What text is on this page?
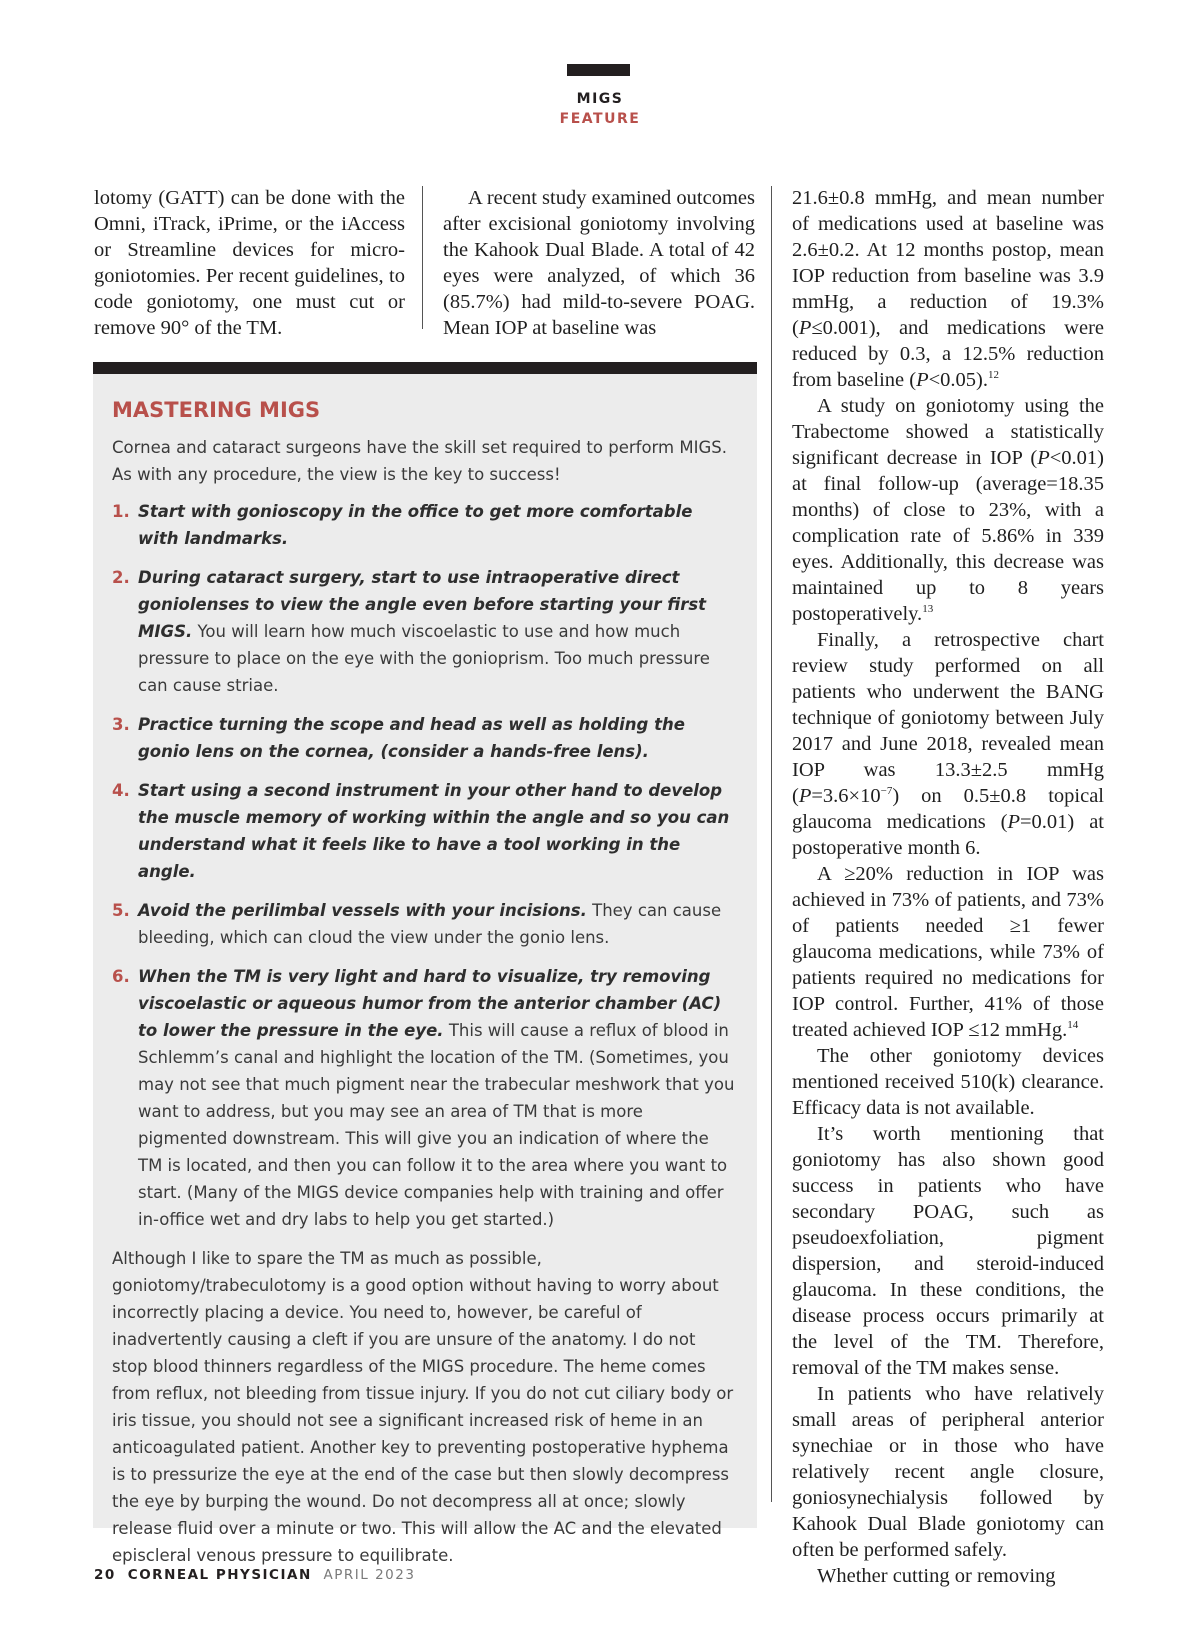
MIGS
FEATURE

lotomy (GATT) can be done with the Omni, iTrack, iPrime, or the iAccess or Streamline devices for micro-goniotomies. Per recent guidelines, to code goniotomy, one must cut or remove 90° of the TM.

A recent study examined outcomes after excisional goniotomy involving the Kahook Dual Blade. A total of 42 eyes were analyzed, of which 36 (85.7%) had mild-to-severe POAG. Mean IOP at baseline was

21.6±0.8 mmHg, and mean number of medications used at baseline was 2.6±0.2. At 12 months postop, mean IOP reduction from baseline was 3.9 mmHg, a reduction of 19.3% (P≤0.001), and medications were reduced by 0.3, a 12.5% reduction from baseline (P<0.05).$^{12}$

A study on goniotomy using the Trabectome showed a statistically significant decrease in IOP (P<0.01) at final follow-up (average=18.35 months) of close to 23%, with a complication rate of 5.86% in 339 eyes. Additionally, this decrease was maintained up to 8 years postoperatively.$^{13}$

Finally, a retrospective chart review study performed on all patients who underwent the BANG technique of goniotomy between July 2017 and June 2018, revealed mean IOP was 13.3±2.5 mmHg $(P=3.6\times 10^{-7})$ on 0.5±0.8 topical glaucoma medications (P=0.01) at postoperative month 6.

A ≥20% reduction in IOP was achieved in 73% of patients, and 73% of patients needed ≥1 fewer glaucoma medications, while 73% of patients required no medications for IOP control. Further, 41% of those treated achieved IOP ≤12 mmHg.$^{14}$

The other goniotomy devices mentioned received 510(k) clearance. Efficacy data is not available.

It’s worth mentioning that goniotomy has also shown good success in patients who have secondary POAG, such as pseudoexfoliation, pigment dispersion, and steroid-induced glaucoma. In these conditions, the disease process occurs primarily at the level of the TM. Therefore, removal of the TM makes sense.

In patients who have relatively small areas of peripheral anterior synechiae or in those who have relatively recent angle closure, goniosynechialysis followed by Kahook Dual Blade goniotomy can often be performed safely.

Whether cutting or removing

MASTERING MIGS

Cornea and cataract surgeons have the skill set required to perform MIGS. As with any procedure, the view is the key to success!

1. Start with gonioscopy in the office to get more comfortable with landmarks.
2. During cataract surgery, start to use intraoperative direct goniolenses to view the angle even before starting your first MIGS. You will learn how much viscoelastic to use and how much pressure to place on the eye with the gonioprism. Too much pressure can cause striae.
3. Practice turning the scope and head as well as holding the gonio lens on the cornea, (consider a hands-free lens).
4. Start using a second instrument in your other hand to develop the muscle memory of working within the angle and so you can understand what it feels like to have a tool working in the angle.
5. Avoid the perilimbal vessels with your incisions. They can cause bleeding, which can cloud the view under the gonio lens.
6. When the TM is very light and hard to visualize, try removing viscoelastic or aqueous humor from the anterior chamber (AC) to lower the pressure in the eye. This will cause a reflux of blood in Schlemm’s canal and highlight the location of the TM. (Sometimes, you may not see that much pigment near the trabecular meshwork that you want to address, but you may see an area of TM that is more pigmented downstream. This will give you an indication of where the TM is located, and then you can follow it to the area where you want to start. (Many of the MIGS device companies help with training and offer in-office wet and dry labs to help you get started.)

Although I like to spare the TM as much as possible, goniotomy/trabeculotomy is a good option without having to worry about incorrectly placing a device. You need to, however, be careful of inadvertently causing a cleft if you are unsure of the anatomy. I do not stop blood thinners regardless of the MIGS procedure. The heme comes from reflux, not bleeding from tissue injury. If you do not cut ciliary body or iris tissue, you should not see a significant increased risk of heme in an anticoagulated patient. Another key to preventing postoperative hyphema is to pressurize the eye at the end of the case but then slowly decompress the eye by burping the wound. Do not decompress all at once; slowly release fluid over a minute or two. This will allow the AC and the elevated episcleral venous pressure to equilibrate.

20 CORNEAL PHYSICIAN APRIL 2023
